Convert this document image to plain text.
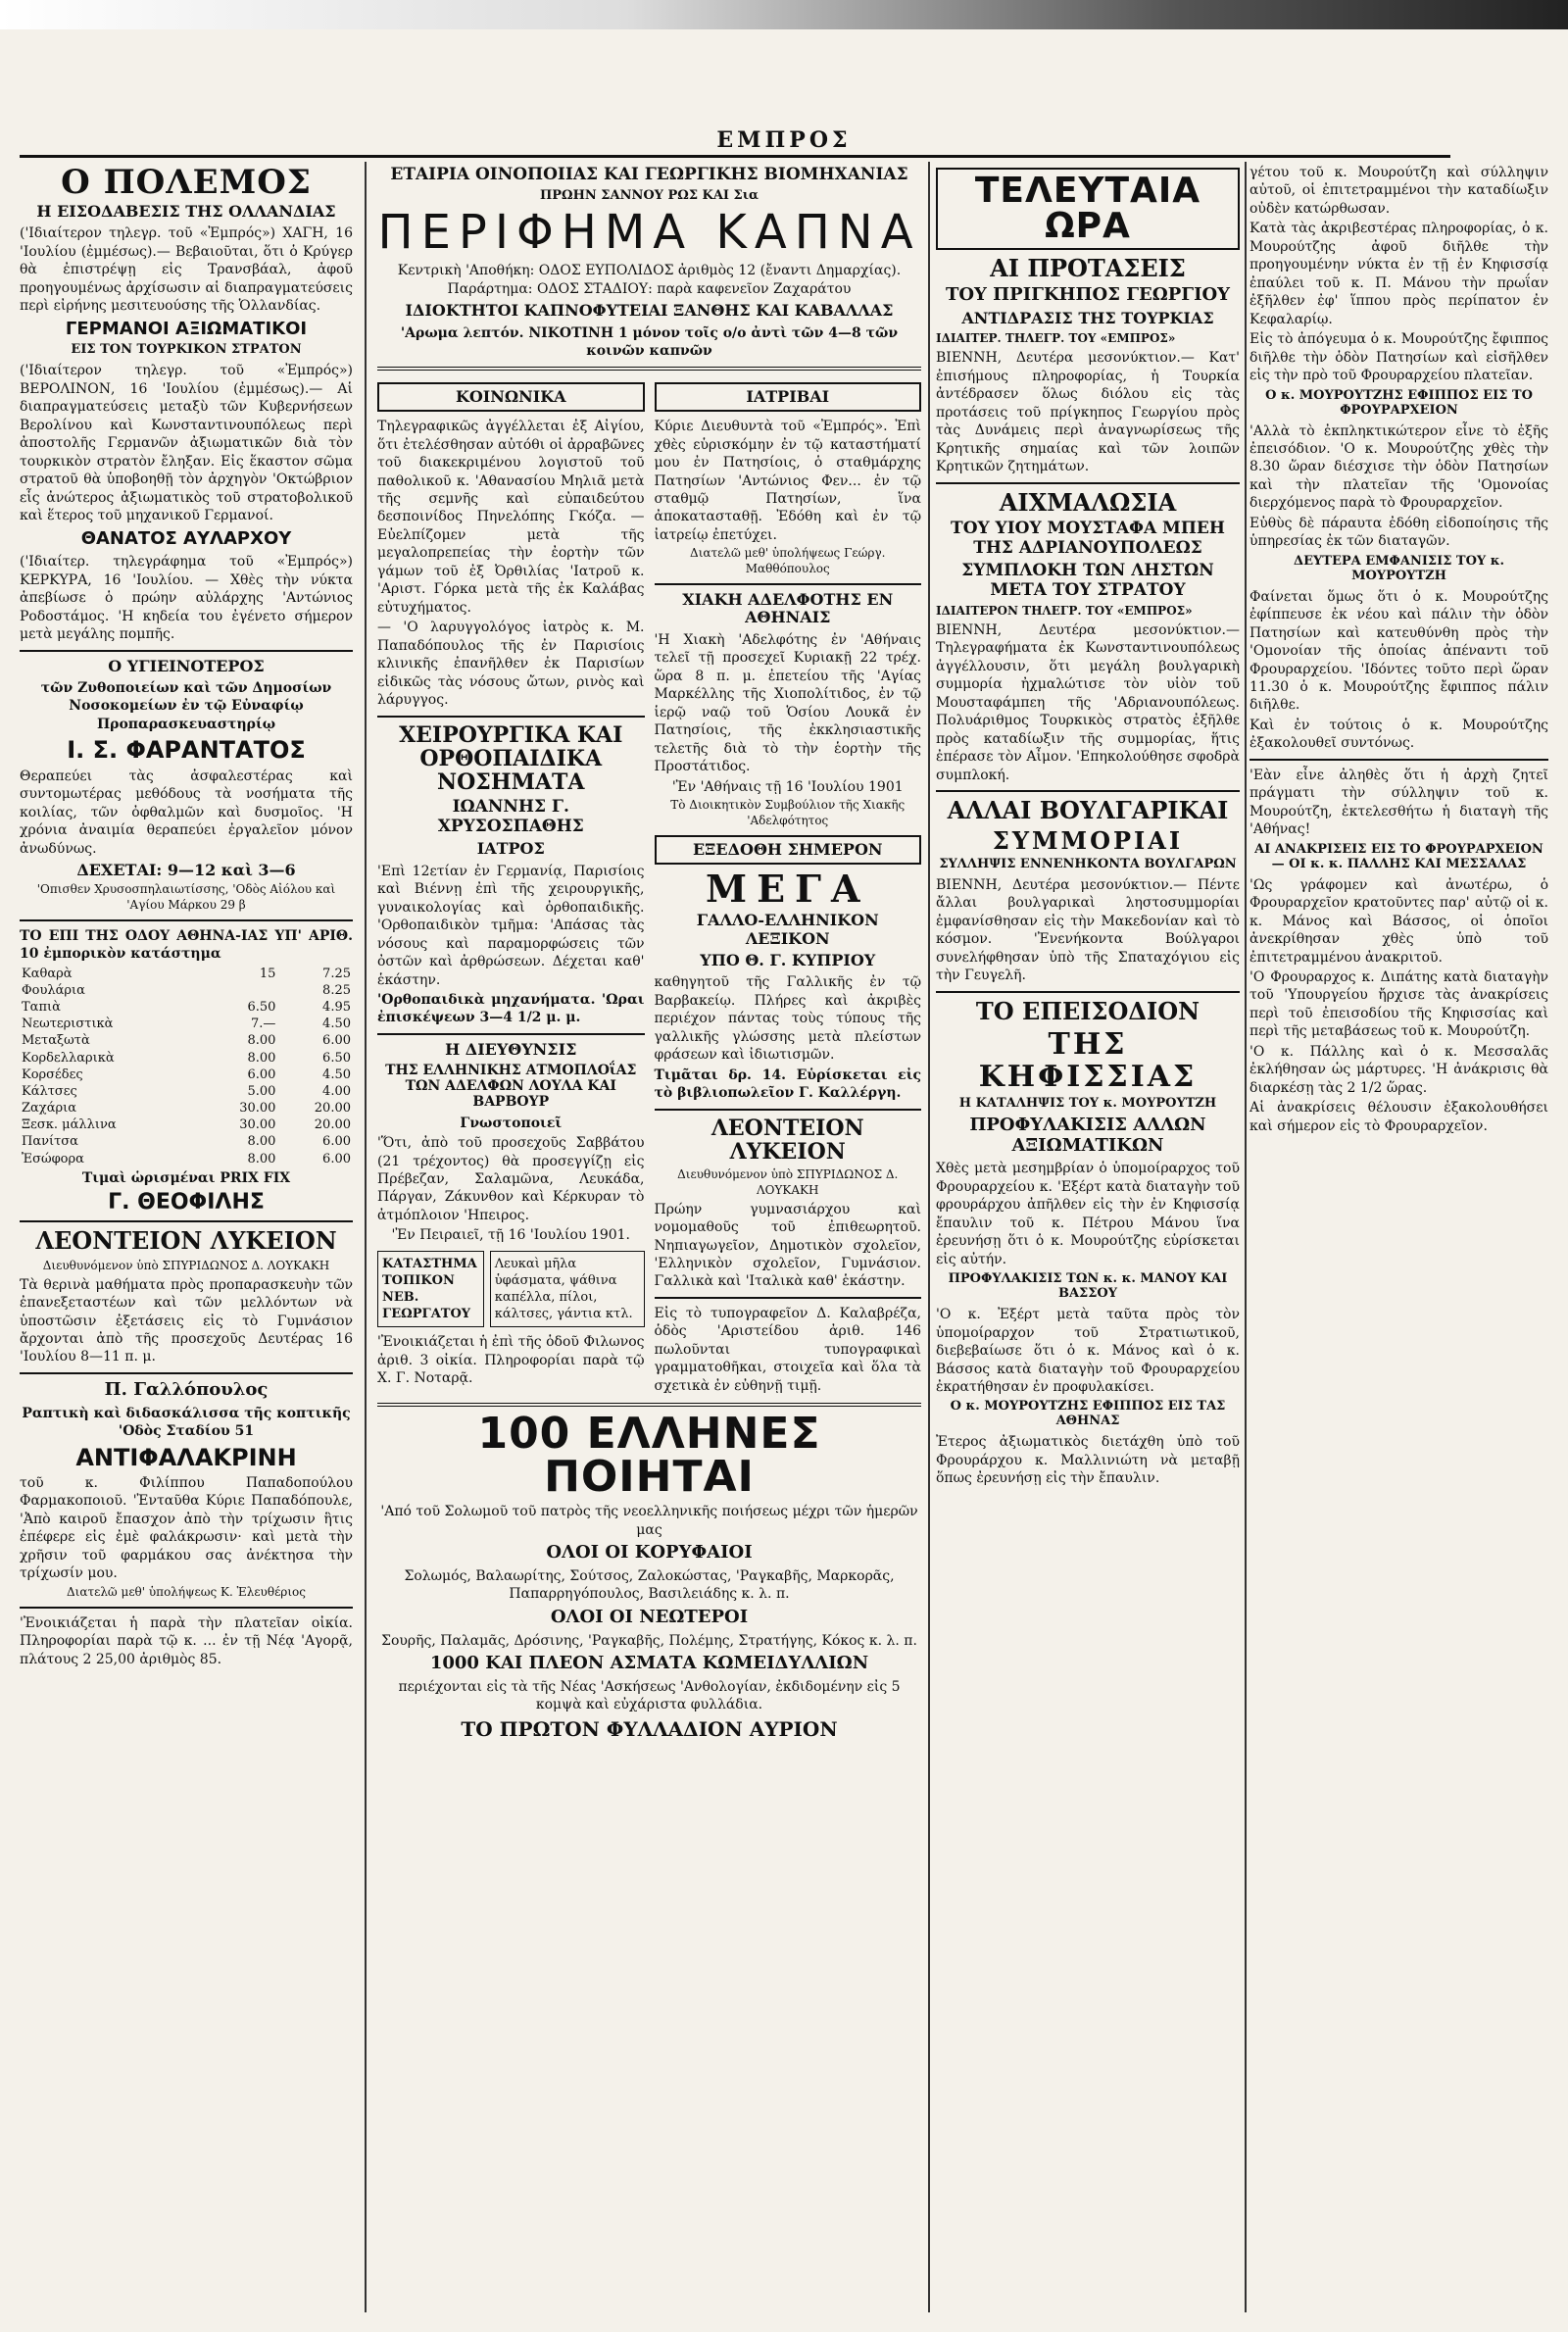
ΕΜΠΡΟΣ
Ο ΠΟΛΕΜΟΣ
Η ΕΙΣΟΔΑΒΕΣΙΣ ΤΗΣ ΟΛΛΑΝΔΙΑΣ

('Ιδιαίτερον τηλεγρ. τοῦ «Ἐμπρός») ΧΑΓΗ, 16 'Ιουλίου (ἐμμέσως).— Βεβαιοῦται, ὅτι ὁ Κρύγερ θὰ ἐπιστρέψῃ εἰς Τρανσβάαλ, ἀφοῦ προηγουμένως ἀρχίσωσιν αἱ διαπραγματεύσεις περὶ εἰρήνης μεσιτευούσης τῆς Ὁλλανδίας.

ΓΕΡΜΑΝΟΙ ΑΞΙΩΜΑΤΙΚΟΙ
ΕΙΣ ΤΟΝ ΤΟΥΡΚΙΚΟΝ ΣΤΡΑΤΟΝ

('Ιδιαίτερον τηλεγρ. τοῦ «Ἐμπρός») ΒΕΡΟΛΙΝΟΝ, 16 'Ιουλίου (ἐμμέσως).— Αἱ διαπραγματεύσεις μεταξὺ τῶν Κυβερνήσεων Βερολίνου καὶ Κωνσταντινουπόλεως περὶ ἀποστολῆς Γερμανῶν ἀξιωματικῶν διὰ τὸν τουρκικὸν στρατὸν ἔληξαν. Εἰς ἕκαστον σῶμα στρατοῦ θὰ ὑποβοηθῇ τὸν ἀρχηγὸν 'Οκτώβριον εἷς ἀνώτερος ἀξιωματικὸς τοῦ στρατοβολικοῦ καὶ ἕτερος τοῦ μηχανικοῦ Γερμανοί.

ΘΑΝΑΤΟΣ ΑΥΛΑΡΧΟΥ

('Ιδιαίτερ. τηλεγράφημα τοῦ «Ἐμπρός») ΚΕΡΚΥΡΑ, 16 'Ιουλίου. — Χθὲς τὴν νύκτα ἀπεβίωσε ὁ πρώην αὐλάρχης 'Αντώνιος Ροδοστάμος. 'Η κηδεία του ἐγένετο σήμερον μετὰ μεγάλης πομπῆς.

Ο ΥΓΙΕΙΝΟΤΕΡΟΣ

τῶν Ζυθοποιείων καὶ τῶν Δημοσίων Νοσοκομείων ἐν τῷ Εὐναφίῳ Προπαρασκευαστηρίῳ

Ι. Σ. ΦΑΡΑΝΤΑΤΟΣ

Θεραπεύει τὰς ἀσφαλεστέρας καὶ συντομωτέρας μεθόδους τὰ νοσήματα τῆς κοιλίας, τῶν ὀφθαλμῶν καὶ δυσμοῖος. 'Η χρόνια ἀναιμία θεραπεύει ἐργαλεῖον μόνον ἀνωδύνως.

ΔΕΧΕΤΑΙ: 9—12 καὶ 3—6

'Οπισθεν Χρυσοσπηλαιωτίσσης, 'Οδὸς Αἰόλου καὶ 'Αγίου Μάρκου 29 β

ΤΟ ΕΠΙ ΤΗΣ ΟΔΟΥ ΑΘΗΝΑ-ΙΑΣ ΥΠ' ΑΡΙΘ. 10 ἐμπορικὸν κατάστημα

Καθαρὰ	15	7.25
Φουλάρια		8.25
Ταπιὰ	6.50	4.95
Νεωτεριστικὰ	7.—	4.50
Μεταξωτὰ	8.00	6.00
Κορδελλαρικὰ	8.00	6.50
Κορσέδες	6.00	4.50
Κάλτσες	5.00	4.00
Ζαχάρια	30.00	20.00
Ξεσκ. μάλλινα	30.00	20.00
Πανίτσα	8.00	6.00
Ἐσώφορα	8.00	6.00

Τιμαὶ ὡρισμέναι PRIX FIX

Γ. ΘΕΟΦΙΛΗΣ
ΛΕΟΝΤΕΙΟΝ ΛΥΚΕΙΟΝ

Διευθυνόμενον ὑπὸ ΣΠΥΡΙΔΩΝΟΣ Δ. ΛΟΥΚΑΚΗ

Τὰ θερινὰ μαθήματα πρὸς προπαρασκευὴν τῶν ἐπανεξεταστέων καὶ τῶν μελλόντων νὰ ὑποστῶσιν ἐξετάσεις εἰς τὸ Γυμνάσιον ἄρχονται ἀπὸ τῆς προσεχοῦς Δευτέρας 16 'Ιουλίου 8—11 π. μ.

Π. Γαλλόπουλος

Ραπτικὴ καὶ διδασκάλισσα τῆς κοπτικῆς 'Οδὸς Σταδίου 51

ΑΝΤΙΦΑΛΑΚΡΙΝΗ

τοῦ κ. Φιλίππου Παπαδοπούλου Φαρμακοποιοῦ. 'Ἐνταῦθα Κύριε Παπαδόπουλε, 'Ἀπὸ καιροῦ ἔπασχον ἀπὸ τὴν τρίχωσιν ἣτις ἐπέφερε εἰς ἐμὲ φαλάκρωσιν· καὶ μετὰ τὴν χρῆσιν τοῦ φαρμάκου σας ἀνέκτησα τὴν τρίχωσίν μου.

Διατελῶ μεθ' ὑπολήψεως Κ. Ἑλευθέριος

'Ἐνοικιάζεται ἡ παρὰ τὴν πλατεῖαν οἰκία. Πληροφορίαι παρὰ τῷ κ. ... ἐν τῇ Νέᾳ 'Αγορᾷ, πλάτους 2 25,00 ἀριθμὸς 85.

ΕΤΑΙΡΙΑ ΟΙΝΟΠΟΙΙΑΣ ΚΑΙ ΓΕΩΡΓΙΚΗΣ ΒΙΟΜΗΧΑΝΙΑΣ
ΠΡΩΗΝ ΣΑΝΝΟΥ ΡΩΣ ΚΑΙ Σια
ΠΕΡΙΦΗΜΑ ΚΑΠΝΑ

Κεντρικὴ 'Αποθήκη: ΟΔΟΣ ΕΥΠΟΛΙΔΟΣ ἀριθμὸς 12 (ἔναντι Δημαρχίας). Παράρτημα: ΟΔΟΣ ΣΤΑΔΙΟΥ: παρὰ καφενεῖον Ζαχαράτου

ΙΔΙΟΚΤΗΤΟΙ ΚΑΠΝΟΦΥΤΕΙΑΙ ΞΑΝΘΗΣ ΚΑΙ ΚΑΒΑΛΛΑΣ

'Αρωμα λεπτόν. ΝΙΚΟΤΙΝΗ 1 μόνον τοῖς ο/ο ἀντὶ τῶν 4—8 τῶν κοινῶν καπνῶν

ΚΟΙΝΩΝΙΚΑ

Τηλεγραφικῶς ἀγγέλλεται ἐξ Αἰγίου, ὅτι ἐτελέσθησαν αὐτόθι οἱ ἀρραβῶνες τοῦ διακεκριμένου λογιστοῦ τοῦ παθολικοῦ κ. 'Αθανασίου Μηλιᾶ μετὰ τῆς σεμνῆς καὶ εὐπαιδεύτου δεσποινίδος Πηνελόπης Γκόζα. — Εὐελπίζομεν μετὰ τῆς μεγαλοπρεπείας τὴν ἐορτὴν τῶν γάμων τοῦ ἐξ Ὀρθιλίας 'Ιατροῦ κ. 'Αριστ. Γόρκα μετὰ τῆς ἐκ Καλάβας εὐτυχήματος.

— 'Ο λαρυγγολόγος ἰατρὸς κ. Μ. Παπαδόπουλος τῆς ἐν Παρισίοις κλινικῆς ἐπανῆλθεν ἐκ Παρισίων εἰδικῶς τὰς νόσους ὤτων, ρινὸς καὶ λάρυγγος.

ΧΕΙΡΟΥΡΓΙΚΑ ΚΑΙ ΟΡΘΟΠΑΙΔΙΚΑ ΝΟΣΗΜΑΤΑ
ΙΩΑΝΝΗΣ Γ. ΧΡΥΣΟΣΠΑΘΗΣ
ΙΑΤΡΟΣ

'Επὶ 12ετίαν ἐν Γερμανίᾳ, Παρισίοις καὶ Βιέννῃ ἐπὶ τῆς χειρουργικῆς, γυναικολογίας καὶ ὀρθοπαιδικῆς. 'Ορθοπαιδικὸν τμῆμα: 'Απάσας τὰς νόσους καὶ παραμορφώσεις τῶν ὀστῶν καὶ ἀρθρώσεων. Δέχεται καθ' ἑκάστην.

'Ορθοπαιδικὰ μηχανήματα. 'Ωραι ἐπισκέψεων 3—4 1/2 μ. μ.

Η ΔΙΕΥΘΥΝΣΙΣ
ΤΗΣ ΕΛΛΗΝΙΚΗΣ ΑΤΜΟΠΛΟΐΑΣ ΤΩΝ ΑΔΕΛΦΩΝ ΛΟΥΛΑ ΚΑΙ ΒΑΡΒΟΥΡ

Γνωστοποιεῖ

'Ὅτι, ἀπὸ τοῦ προσεχοῦς Σαββάτου (21 τρέχοντος) θὰ προσεγγίζῃ εἰς Πρέβεζαν, Σαλαμῶνα, Λευκάδα, Πάργαν, Ζάκυνθον καὶ Κέρκυραν τὸ ἀτμόπλοιον 'Ηπειρος.

'Ἐν Πειραιεῖ, τῇ 16 'Ιουλίου 1901.

ΚΑΤΑΣΤΗΜΑ ΤΟΠΙΚΟΝ ΝΕΒ. ΓΕΩΡΓΑΤΟΥ
Λευκαὶ μῆλα ὑφάσματα, ψάθινα καπέλλα, πίλοι, κάλτσες, γάντια κτλ.

'Ἐνοικιάζεται ἡ ἐπὶ τῆς ὁδοῦ Φιλωνος ἀριθ. 3 οἰκία. Πληροφορίαι παρὰ τῷ Χ. Γ. Νοταρᾷ.

ΙΑΤΡΙΒΑΙ

Κύριε Διευθυντὰ τοῦ «Ἐμπρός». Ἐπὶ χθὲς εὑρισκόμην ἐν τῷ καταστήματί μου ἐν Πατησίοις, ὁ σταθμάρχης Πατησίων 'Αντώνιος Φεν... ἐν τῷ σταθμῷ Πατησίων, ἵνα ἀποκατασταθῇ. Ἐδόθη καὶ ἐν τῷ ἰατρείῳ ἐπετύχει.

Διατελῶ μεθ' ὑπολήψεως Γεώργ. Μαθθόπουλος

ΧΙΑΚΗ ΑΔΕΛΦΟΤΗΣ ΕΝ ΑΘΗΝΑΙΣ

'Η Χιακὴ 'Αδελφότης ἐν 'Αθήναις τελεῖ τῇ προσεχεῖ Κυριακῇ 22 τρέχ. ὥρα 8 π. μ. ἐπετείου τῆς 'Αγίας Μαρκέλλης τῆς Χιοπολίτιδος, ἐν τῷ ἱερῷ ναῷ τοῦ Ὁσίου Λουκᾶ ἐν Πατησίοις, τῆς ἐκκλησιαστικῆς τελετῆς διὰ τὸ τὴν ἑορτὴν τῆς Προστάτιδος.

'Ἐν 'Αθήναις τῇ 16 'Ιουλίου 1901

Τὸ Διοικητικὸν Συμβούλιον τῆς Χιακῆς 'Αδελφότητος

ΕΞΕΔΟΘΗ ΣΗΜΕΡΟΝ
ΜΕΓΑ
ΓΑΛΛΟ-ΕΛΛΗΝΙΚΟΝ ΛΕΞΙΚΟΝ
ΥΠΟ Θ. Γ. ΚΥΠΡΙΟΥ

καθηγητοῦ τῆς Γαλλικῆς ἐν τῷ Βαρβακείῳ. Πλήρες καὶ ἀκριβὲς περιέχον πάντας τοὺς τύπους τῆς γαλλικῆς γλώσσης μετὰ πλείστων φράσεων καὶ ἰδιωτισμῶν.

Τιμᾶται δρ. 14. Εὑρίσκεται εἰς τὸ βιβλιοπωλεῖον Γ. Καλλέργη.

ΛΕΟΝΤΕΙΟΝ ΛΥΚΕΙΟΝ

Διευθυνόμενον ὑπὸ ΣΠΥΡΙΔΩΝΟΣ Δ. ΛΟΥΚΑΚΗ

Πρώην γυμνασιάρχου καὶ νομομαθοῦς τοῦ ἐπιθεωρητοῦ. Νηπιαγωγεῖον, Δημοτικὸν σχολεῖον, 'Ελληνικὸν σχολεῖον, Γυμνάσιον. Γαλλικὰ καὶ 'Ιταλικὰ καθ' ἑκάστην.

Εἰς τὸ τυπογραφεῖον Δ. Καλαβρέζα, ὁδὸς 'Αριστείδου ἀριθ. 146 πωλοῦνται τυπογραφικαὶ γραμματοθῆκαι, στοιχεῖα καὶ ὅλα τὰ σχετικὰ ἐν εὐθηνῇ τιμῇ.

100 ΕΛΛΗΝΕΣ ΠΟΙΗΤΑΙ

'Από τοῦ Σολωμοῦ τοῦ πατρὸς τῆς νεοελληνικῆς ποιήσεως μέχρι τῶν ἡμερῶν μας

ΟΛΟΙ ΟΙ ΚΟΡΥΦΑΙΟΙ

Σολωμός, Βαλαωρίτης, Σούτσος, Ζαλοκώστας, 'Ραγκαβῆς, Μαρκορᾶς, Παπαρρηγόπουλος, Βασιλειάδης κ. λ. π.

ΟΛΟΙ ΟΙ ΝΕΩΤΕΡΟΙ

Σουρῆς, Παλαμᾶς, Δρόσινης, 'Ραγκαβῆς, Πολέμης, Στρατήγης, Κόκος κ. λ. π.

1000 ΚΑΙ ΠΛΕΟΝ ΑΣΜΑΤΑ ΚΩΜΕΙΔΥΛΛΙΩΝ

περιέχονται εἰς τὰ τῆς Νέας 'Ασκήσεως 'Ανθολογίαν, ἐκδιδομένην εἰς 5 κομψὰ καὶ εὐχάριστα φυλλάδια.

ΤΟ ΠΡΩΤΟΝ ΦΥΛΛΑΔΙΟΝ ΑΥΡΙΟΝ
ΤΕΛΕΥΤΑΙΑ ΩΡΑ
ΑΙ ΠΡΟΤΑΣΕΙΣ
ΤΟΥ ΠΡΙΓΚΗΠΟΣ ΓΕΩΡΓΙΟΥ
ΑΝΤΙΔΡΑΣΙΣ ΤΗΣ ΤΟΥΡΚΙΑΣ

ΙΔΙΑΙΤΕΡ. ΤΗΛΕΓΡ. ΤΟΥ «ΕΜΠΡΟΣ»

ΒΙΕΝΝΗ, Δευτέρα μεσονύκτιον.— Κατ' ἐπισήμους πληροφορίας, ἡ Τουρκία ἀντέδρασεν ὅλως διόλου εἰς τὰς προτάσεις τοῦ πρίγκηπος Γεωργίου πρὸς τὰς Δυνάμεις περὶ ἀναγνωρίσεως τῆς Κρητικῆς σημαίας καὶ τῶν λοιπῶν Κρητικῶν ζητημάτων.

ΑΙΧΜΑΛΩΣΙΑ
ΤΟΥ ΥΙΟΥ ΜΟΥΣΤΑΦΑ ΜΠΕΗ ΤΗΣ ΑΔΡΙΑΝΟΥΠΟΛΕΩΣ
ΣΥΜΠΛΟΚΗ ΤΩΝ ΛΗΣΤΩΝ ΜΕΤΑ ΤΟΥ ΣΤΡΑΤΟΥ

ΙΔΙΑΙΤΕΡΟΝ ΤΗΛΕΓΡ. ΤΟΥ «ΕΜΠΡΟΣ»

ΒΙΕΝΝΗ, Δευτέρα μεσονύκτιον.— Τηλεγραφήματα ἐκ Κωνσταντινουπόλεως ἀγγέλλουσιν, ὅτι μεγάλη βουλγαρικὴ συμμορία ἠχμαλώτισε τὸν υἱὸν τοῦ Μουσταφάμπεη τῆς 'Αδριανουπόλεως. Πολυάριθμος Τουρκικὸς στρατὸς ἐξῆλθε πρὸς καταδίωξιν τῆς συμμορίας, ἥτις ἐπέρασε τὸν Αἶμον. 'Επηκολούθησε σφοδρὰ συμπλοκή.

ΑΛΛΑΙ ΒΟΥΛΓΑΡΙΚΑΙ
ΣΥΜΜΟΡΙΑΙ
ΣΥΛΛΗΨΙΣ ΕΝΝΕΝΗΚΟΝΤΑ ΒΟΥΛΓΑΡΩΝ

ΒΙΕΝΝΗ, Δευτέρα μεσονύκτιον.— Πέντε ἄλλαι βουλγαρικαὶ ληστοσυμμορίαι ἐμφανίσθησαν εἰς τὴν Μακεδονίαν καὶ τὸ κόσμον. 'Ἐνενήκοντα Βούλγαροι συνελήφθησαν ὑπὸ τῆς Σπαταχόγιου εἰς τὴν Γευγελῆ.

ΤΟ ΕΠΕΙΣΟΔΙΟΝ
ΤΗΣ ΚΗΦΙΣΣΙΑΣ
Η ΚΑΤΑΛΗΨΙΣ ΤΟΥ κ. ΜΟΥΡΟΥΤΖΗ
ΠΡΟΦΥΛΑΚΙΣΙΣ ΑΛΛΩΝ ΑΞΙΩΜΑΤΙΚΩΝ

Χθὲς μετὰ μεσημβρίαν ὁ ὑπομοίραρχος τοῦ Φρουραρχείου κ. 'Εξέρτ κατὰ διαταγὴν τοῦ φρουράρχου ἀπῆλθεν εἰς τὴν ἐν Κηφισσίᾳ ἔπαυλιν τοῦ κ. Πέτρου Μάνου ἵνα ἐρευνήσῃ ὅτι ὁ κ. Μουρούτζης εὑρίσκεται εἰς αὐτήν.

ΠΡΟΦΥΛΑΚΙΣΙΣ ΤΩΝ κ. κ. ΜΑΝΟΥ ΚΑΙ ΒΑΣΣΟΥ

'Ο κ. Ἐξέρτ μετὰ ταῦτα πρὸς τὸν ὑπομοίραρχον τοῦ Στρατιωτικοῦ, διεβεβαίωσε ὅτι ὁ κ. Μάνος καὶ ὁ κ. Βάσσος κατὰ διαταγὴν τοῦ Φρουραρχείου ἐκρατήθησαν ἐν προφυλακίσει.

Ο κ. ΜΟΥΡΟΥΤΖΗΣ ΕΦΙΠΠΟΣ ΕΙΣ ΤΑΣ ΑΘΗΝΑΣ

Ἐτερος ἀξιωματικὸς διετάχθη ὑπὸ τοῦ Φρουράρχου κ. Μαλλινιώτη νὰ μεταβῇ ὅπως ἐρευνήσῃ εἰς τὴν ἔπαυλιν.

γέτου τοῦ κ. Μουρούτζη καὶ σύλληψιν αὐτοῦ, οἱ ἐπιτετραμμένοι τὴν καταδίωξιν οὐδὲν κατώρθωσαν.

Κατὰ τὰς ἀκριβεστέρας πληροφορίας, ὁ κ. Μουρούτζης ἀφοῦ διῆλθε τὴν προηγουμένην νύκτα ἐν τῇ ἐν Κηφισσίᾳ ἐπαύλει τοῦ κ. Π. Μάνου τὴν πρωΐαν ἐξῆλθεν ἐφ' ἵππου πρὸς περίπατον ἐν Κεφαλαρίῳ.

Εἰς τὸ ἀπόγευμα ὁ κ. Μουρούτζης ἔφιππος διῆλθε τὴν ὁδὸν Πατησίων καὶ εἰσῆλθεν εἰς τὴν πρὸ τοῦ Φρουραρχείου πλατεῖαν.

Ο κ. ΜΟΥΡΟΥΤΖΗΣ ΕΦΙΠΠΟΣ ΕΙΣ ΤΟ ΦΡΟΥΡΑΡΧΕΙΟΝ

'Αλλὰ τὸ ἐκπληκτικώτερον εἶνε τὸ ἐξῆς ἐπεισόδιον. 'Ο κ. Μουρούτζης χθὲς τὴν 8.30 ὥραν διέσχισε τὴν ὁδὸν Πατησίων καὶ τὴν πλατεῖαν τῆς 'Ομονοίας διερχόμενος παρὰ τὸ Φρουραρχεῖον.

Εὐθὺς δὲ πάραυτα ἐδόθη εἰδοποίησις τῆς ὑπηρεσίας ἐκ τῶν διαταγῶν.

ΔΕΥΤΕΡΑ ΕΜΦΑΝΙΣΙΣ ΤΟΥ κ. ΜΟΥΡΟΥΤΖΗ

Φαίνεται ὅμως ὅτι ὁ κ. Μουρούτζης ἐφίππευσε ἐκ νέου καὶ πάλιν τὴν ὁδὸν Πατησίων καὶ κατευθύνθη πρὸς τὴν 'Ομονοίαν τῆς ὁποίας ἀπέναντι τοῦ Φρουραρχείου. 'Ιδόντες τοῦτο περὶ ὥραν 11.30 ὁ κ. Μουρούτζης ἔφιππος πάλιν διῆλθε.

Καὶ ἐν τούτοις ὁ κ. Μουρούτζης ἐξακολουθεῖ συντόνως.

'Εὰν εἶνε ἀληθὲς ὅτι ἡ ἀρχὴ ζητεῖ πράγματι τὴν σύλληψιν τοῦ κ. Μουρούτζη, ἐκτελεσθήτω ἡ διαταγὴ τῆς 'Αθήνας!

ΑΙ ΑΝΑΚΡΙΣΕΙΣ ΕΙΣ ΤΟ ΦΡΟΥΡΑΡΧΕΙΟΝ — ΟΙ κ. κ. ΠΑΛΛΗΣ ΚΑΙ ΜΕΣΣΑΛΑΣ

'Ως γράφομεν καὶ ἀνωτέρω, ὁ Φρουραρχεῖον κρατοῦντες παρ' αὐτῷ οἱ κ. κ. Μάνος καὶ Βάσσος, οἱ ὁποῖοι ἀνεκρίθησαν χθὲς ὑπὸ τοῦ ἐπιτετραμμένου ἀνακριτοῦ.

'Ο Φρουραρχος κ. Διπάτης κατὰ διαταγὴν τοῦ 'Υπουργείου ἤρχισε τὰς ἀνακρίσεις περὶ τοῦ ἐπεισοδίου τῆς Κηφισσίας καὶ περὶ τῆς μεταβάσεως τοῦ κ. Μουρούτζη.

'Ο κ. Πάλλης καὶ ὁ κ. Μεσσαλᾶς ἐκλήθησαν ὡς μάρτυρες. 'Η ἀνάκρισις θὰ διαρκέσῃ τὰς 2 1/2 ὥρας.

Αἱ ἀνακρίσεις θέλουσιν ἐξακολουθήσει καὶ σήμερον εἰς τὸ Φρουραρχεῖον.
